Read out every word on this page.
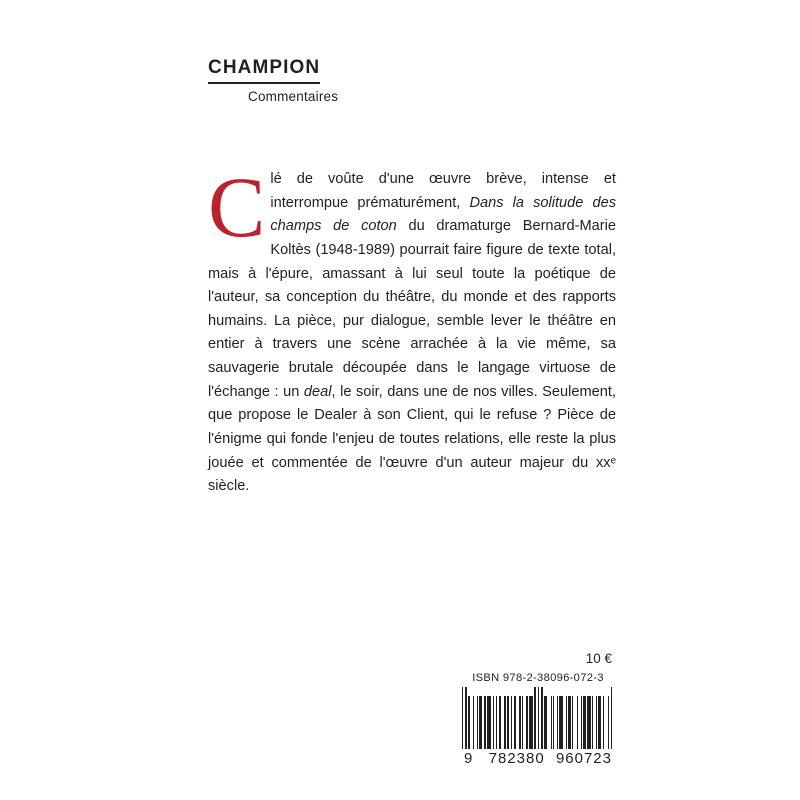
CHAMPION
Commentaires
Clé de voûte d'une œuvre brève, intense et interrompue prématurément, Dans la solitude des champs de coton du dramaturge Bernard-Marie Koltès (1948-1989) pourrait faire figure de texte total, mais à l'épure, amassant à lui seul toute la poétique de l'auteur, sa conception du théâtre, du monde et des rapports humains. La pièce, pur dialogue, semble lever le théâtre en entier à travers une scène arrachée à la vie même, sa sauvagerie brutale découpée dans le langage virtuose de l'échange : un deal, le soir, dans une de nos villes. Seulement, que propose le Dealer à son Client, qui le refuse ? Pièce de l'énigme qui fonde l'enjeu de toutes relations, elle reste la plus jouée et commentée de l'œuvre d'un auteur majeur du xxᵉ siècle.
10 €
ISBN 978-2-38096-072-3
9 782380 960723
